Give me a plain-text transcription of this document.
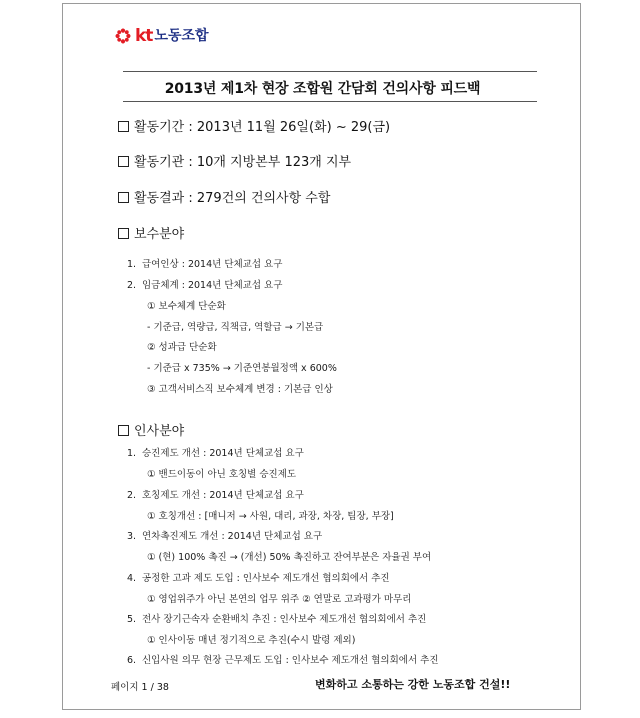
kt 노동조합
2013년 제1차 현장 조합원 간담회 건의사항 피드백
활동기간 : 2013년 11월 26일(화) ~ 29(금)
활동기관 : 10개 지방본부 123개 지부
활동결과 : 279건의 건의사항 수합
보수분야
1. 급여인상 : 2014년 단체교섭 요구
2. 임금체계 : 2014년 단체교섭 요구
① 보수체계 단순화
- 기준급, 역량급, 직책급, 역할급 → 기본급
② 성과급 단순화
- 기준급 x 735% → 기준연봉월정액 x 600%
③ 고객서비스직 보수체계 변경 : 기본급 인상
인사분야
1. 승진제도 개선 : 2014년 단체교섭 요구
① 밴드이동이 아닌 호칭별 승진제도
2. 호칭제도 개선 : 2014년 단체교섭 요구
① 호칭개선 : [매니저 → 사원, 대리, 과장, 차장, 팀장, 부장]
3. 연차촉진제도 개선 : 2014년 단체교섭 요구
① (현) 100% 촉진 → (개선) 50% 촉진하고 잔여부분은 자율권 부여
4. 공정한 고과 제도 도입 : 인사보수 제도개선 협의회에서 추진
① 영업위주가 아닌 본연의 업무 위주 ② 연말로 고과평가 마무리
5. 전사 장기근속자 순환배치 추진 : 인사보수 제도개선 협의회에서 추진
① 인사이동 매년 정기적으로 추진(수시 발령 제외)
6. 신입사원 의무 현장 근무제도 도입 : 인사보수 제도개선 협의회에서 추진
페이지 1 / 38	변화하고 소통하는 강한 노동조합 건설!!
